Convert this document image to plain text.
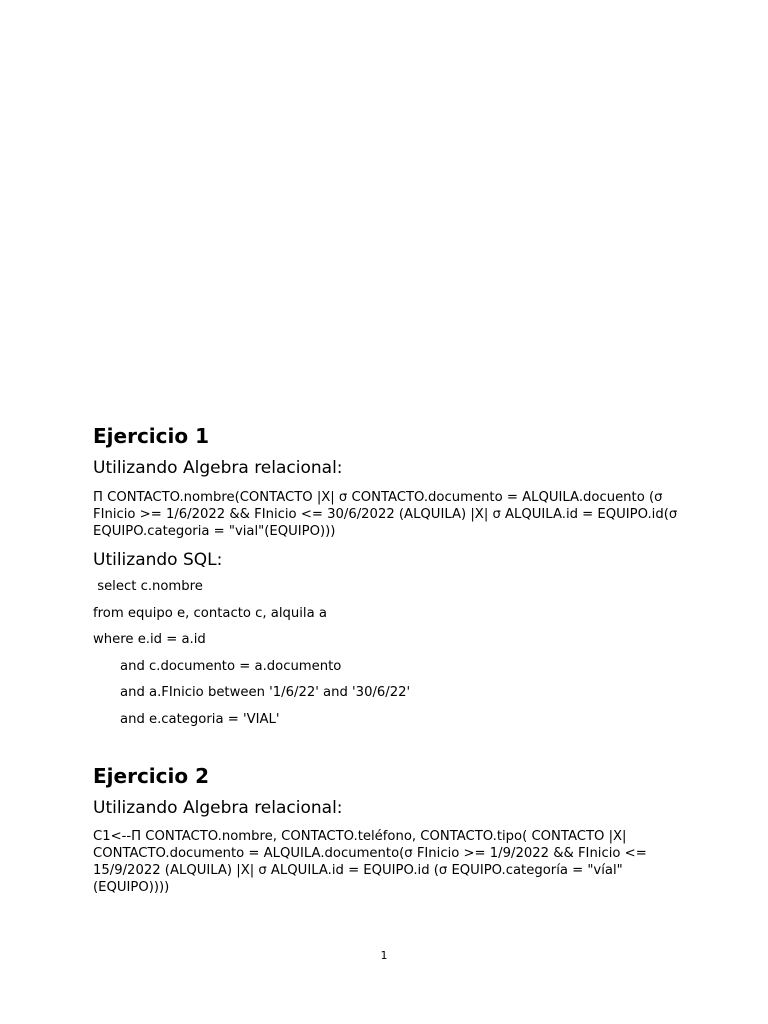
Ejercicio 1
Utilizando Algebra relacional:

Π CONTACTO.nombre(CONTACTO |X| σ CONTACTO.documento = ALQUILA.docuento (σ FInicio >= 1/6/2022 && FInicio <= 30/6/2022 (ALQUILA) |X| σ ALQUILA.id = EQUIPO.id(σ EQUIPO.categoria = "vial"(EQUIPO)))

Utilizando SQL:
select c.nombre
from equipo e, contacto c, alquila a
where e.id = a.id
and c.documento = a.documento
and a.FInicio between '1/6/22' and '30/6/22'
and e.categoria = 'VIAL'
Ejercicio 2
Utilizando Algebra relacional:

C1<--Π CONTACTO.nombre, CONTACTO.teléfono, CONTACTO.tipo( CONTACTO |X| CONTACTO.documento = ALQUILA.documento(σ FInicio >= 1/9/2022 && FInicio <= 15/9/2022 (ALQUILA) |X| σ ALQUILA.id = EQUIPO.id (σ EQUIPO.categoría = "víal"(EQUIPO))))

1
